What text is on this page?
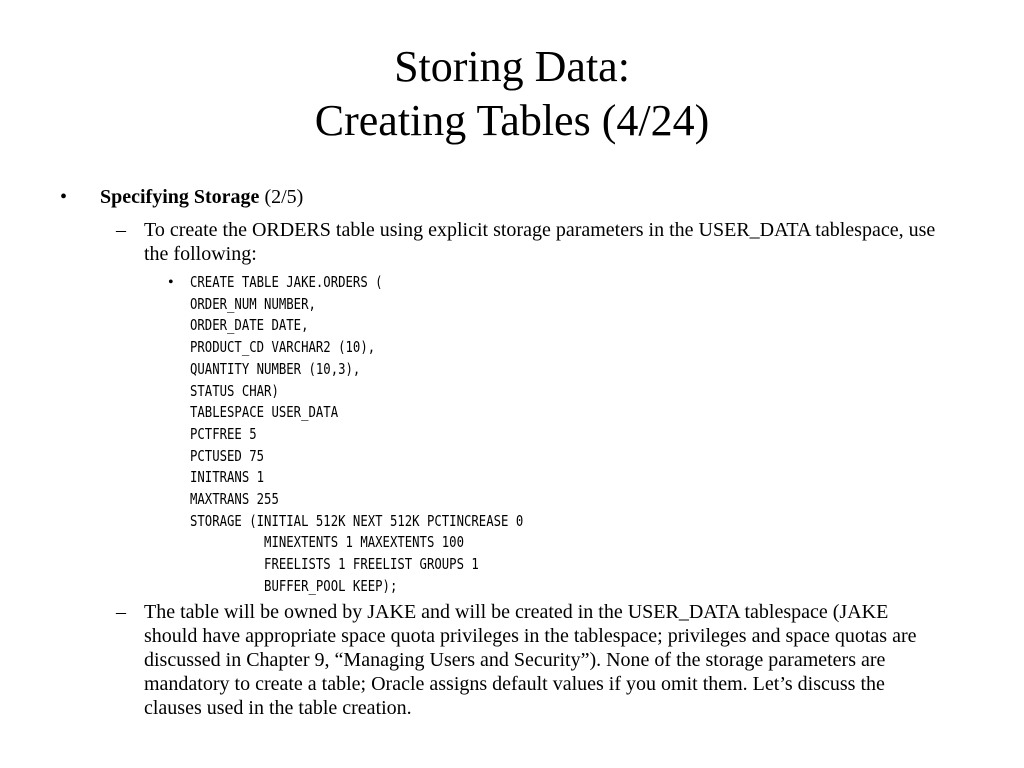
Storing Data:
Creating Tables (4/24)
• Specifying Storage (2/5)
– To create the ORDERS table using explicit storage parameters in the USER_DATA tablespace, use the following:
• CREATE TABLE JAKE.ORDERS (
ORDER_NUM NUMBER,
ORDER_DATE DATE,
PRODUCT_CD VARCHAR2 (10),
QUANTITY NUMBER (10,3),
STATUS CHAR)
TABLESPACE USER_DATA
PCTFREE 5
PCTUSED 75
INITRANS 1
MAXTRANS 255
STORAGE (INITIAL 512K NEXT 512K PCTINCREASE 0
MINEXTENTS 1 MAXEXTENTS 100
FREELISTS 1 FREELIST GROUPS 1
BUFFER_POOL KEEP);
– The table will be owned by JAKE and will be created in the USER_DATA tablespace (JAKE should have appropriate space quota privileges in the tablespace; privileges and space quotas are discussed in Chapter 9, “Managing Users and Security”). None of the storage parameters are mandatory to create a table; Oracle assigns default values if you omit them. Let’s discuss the clauses used in the table creation.
